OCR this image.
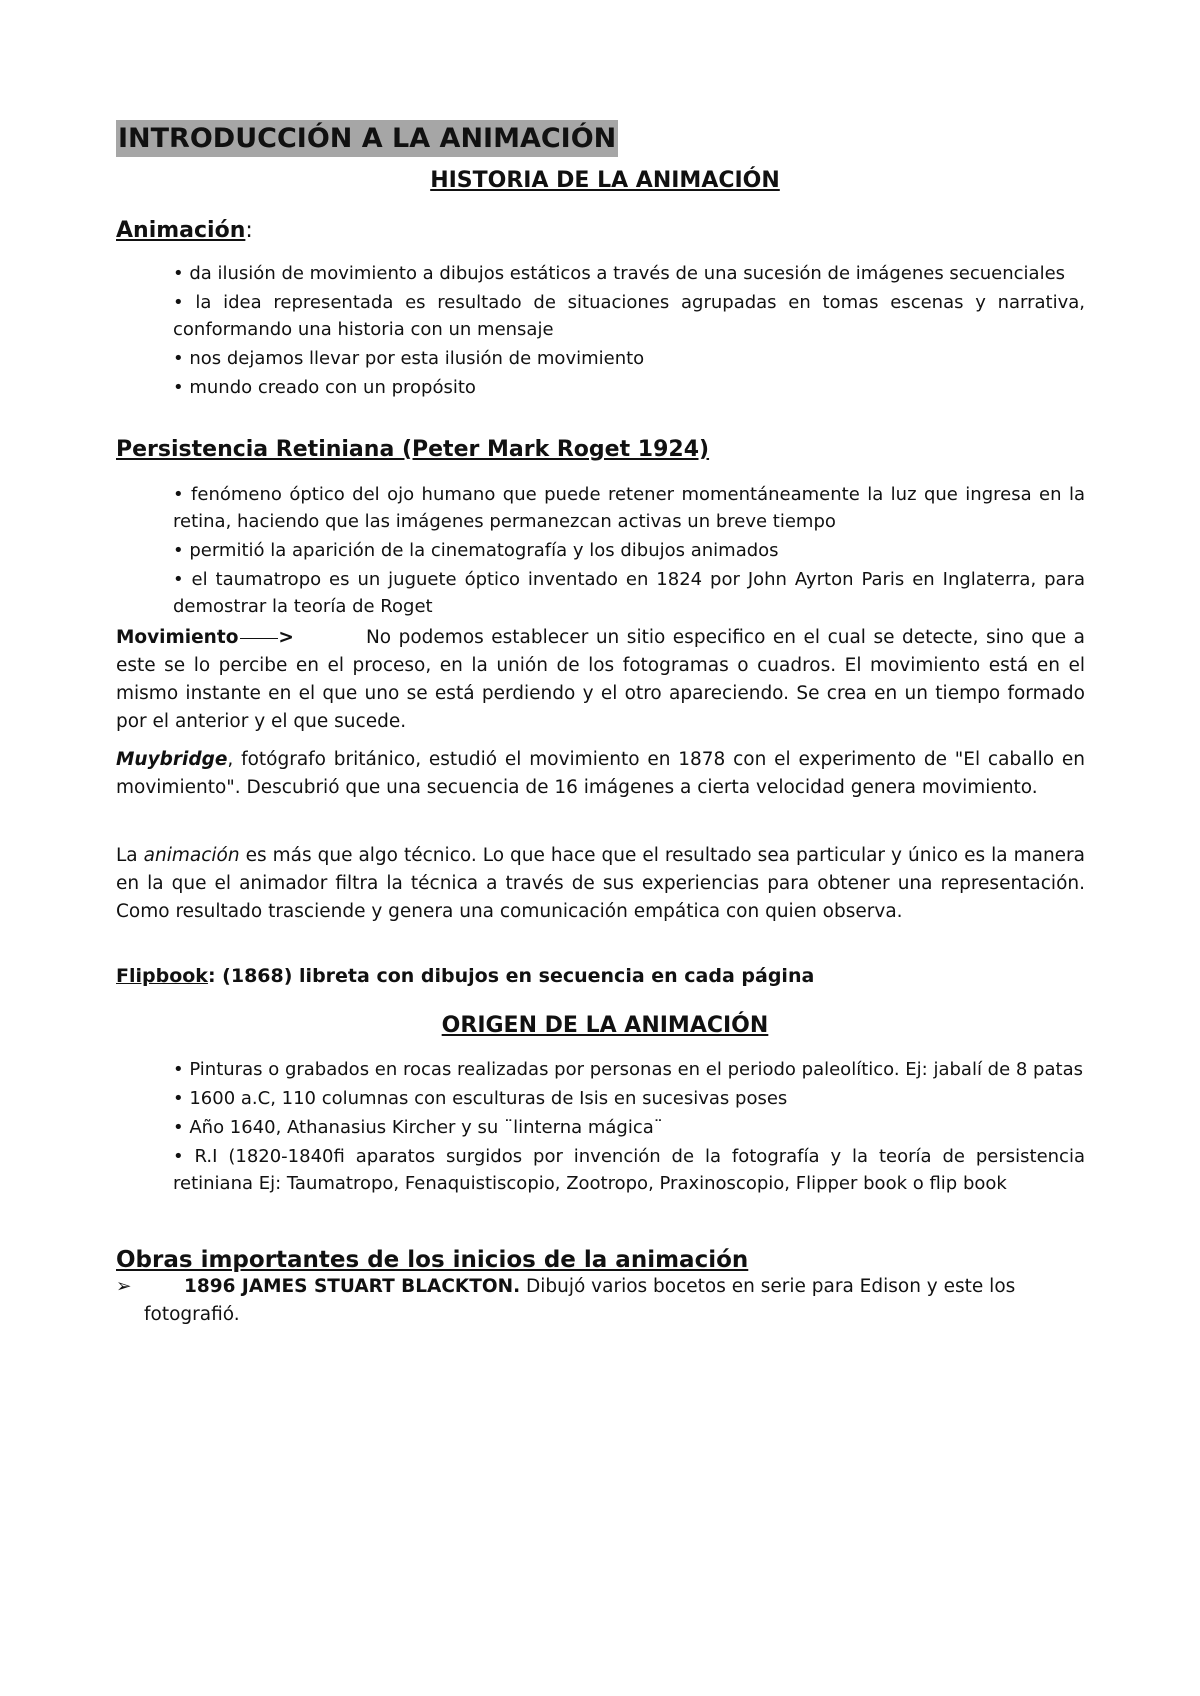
INTRODUCCIÓN A LA ANIMACIÓN
HISTORIA DE LA ANIMACIÓN
Animación:
• da ilusión de movimiento a dibujos estáticos a través de una sucesión de imágenes secuenciales
• la idea representada es resultado de situaciones agrupadas en tomas escenas y narrativa, conformando una historia con un mensaje
• nos dejamos llevar por esta ilusión de movimiento
• mundo creado con un propósito
Persistencia Retiniana (Peter Mark Roget 1924)
• fenómeno óptico del ojo humano que puede retener momentáneamente la luz que ingresa en la retina, haciendo que las imágenes permanezcan activas un breve tiempo
• permitió la aparición de la cinematografía y los dibujos animados
• el taumatropo es un juguete óptico inventado en 1824 por John Ayrton Paris en Inglaterra, para demostrar la teoría de Roget

Movimiento >	No podemos establecer un sitio especifico en el cual se detecte, sino que a este se lo percibe en el proceso, en la unión de los fotogramas o cuadros. El movimiento está en el mismo instante en el que uno se está perdiendo y el otro apareciendo. Se crea en un tiempo formado por el anterior y el que sucede.

Muybridge, fotógrafo británico, estudió el movimiento en 1878 con el experimento de "El caballo en movimiento". Descubrió que una secuencia de 16 imágenes a cierta velocidad genera movimiento.

La animación es más que algo técnico. Lo que hace que el resultado sea particular y único es la manera en la que el animador filtra la técnica a través de sus experiencias para obtener una representación. Como resultado trasciende y genera una comunicación empática con quien observa.

Flipbook: (1868) libreta con dibujos en secuencia en cada página

ORIGEN DE LA ANIMACIÓN
• Pinturas o grabados en rocas realizadas por personas en el periodo paleolítico. Ej: jabalí de 8 patas
• 1600 a.C, 110 columnas con esculturas de Isis en sucesivas poses
• Año 1640, Athanasius Kircher y su ¨linterna mágica¨
• R.I (1820-1840fi aparatos surgidos por invención de la fotografía y la teoría de persistencia retiniana Ej: Taumatropo, Fenaquistiscopio, Zootropo, Praxinoscopio, Flipper book o flip book
Obras importantes de los inicios de la animación

➢	1896 JAMES STUART BLACKTON. Dibujó varios bocetos en serie para Edison y este los
fotografió.
